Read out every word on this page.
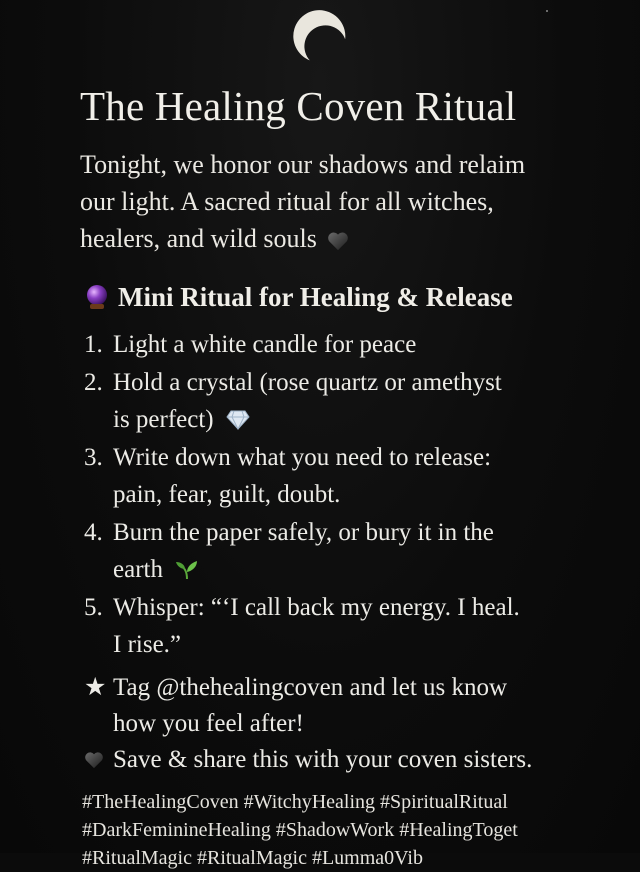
The Healing Coven Ritual

Tonight, we honor our shadows and relaim
our light. A sacred ritual for all witches,
healers, and wild souls

Mini Ritual for Healing & Release
1. Light a white candle for peace
2. Hold a crystal (rose quartz or amethyst
is perfect)
3. Write down what you need to release:
pain, fear, guilt, doubt.
4. Burn the paper safely, or bury it in the
earth
5. Whisper: “‘I call back my energy. I heal.
I rise.”
★ Tag @thehealingcoven and let us know
how you feel after!
Save & share this with your coven sisters.

#TheHealingCoven #WitchyHealing #SpiritualRitual
#DarkFeminineHealing #ShadowWork #HealingToget
#RitualMagic #RitualMagic #Lumma0Vib
